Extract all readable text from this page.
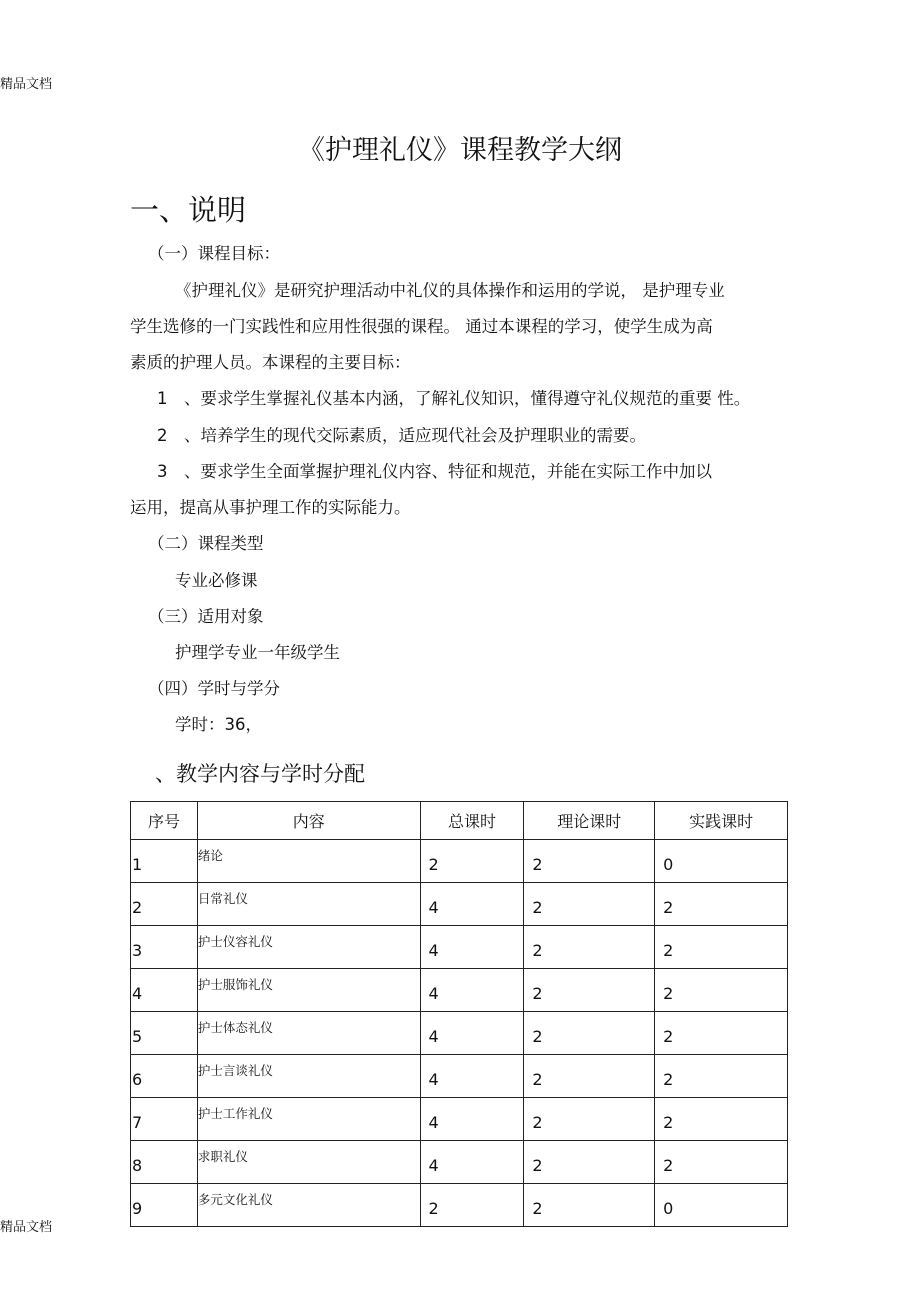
精品文档
《护理礼仪》课程教学大纲
一、说明
（一）课程目标：
《护理礼仪》是研究护理活动中礼仪的具体操作和运用的学说， 是护理专业
学生选修的一门实践性和应用性很强的课程。 通过本课程的学习，使学生成为高
素质的护理人员。本课程的主要目标：
1　、要求学生掌握礼仪基本内涵，了解礼仪知识，懂得遵守礼仪规范的重要 性。
2　、培养学生的现代交际素质，适应现代社会及护理职业的需要。
3　、要求学生全面掌握护理礼仪内容、特征和规范，并能在实际工作中加以
运用，提高从事护理工作的实际能力。
（二）课程类型
专业必修课
（三）适用对象
护理学专业一年级学生
（四）学时与学分
学时：36，
、教学内容与学时分配
序号	内容	总课时	理论课时	实践课时
1	绪论	2	2	0
2	日常礼仪	4	2	2
3	护士仪容礼仪	4	2	2
4	护士服饰礼仪	4	2	2
5	护士体态礼仪	4	2	2
6	护士言谈礼仪	4	2	2
7	护士工作礼仪	4	2	2
8	求职礼仪	4	2	2
9	多元文化礼仪	2	2	0
精品文档
